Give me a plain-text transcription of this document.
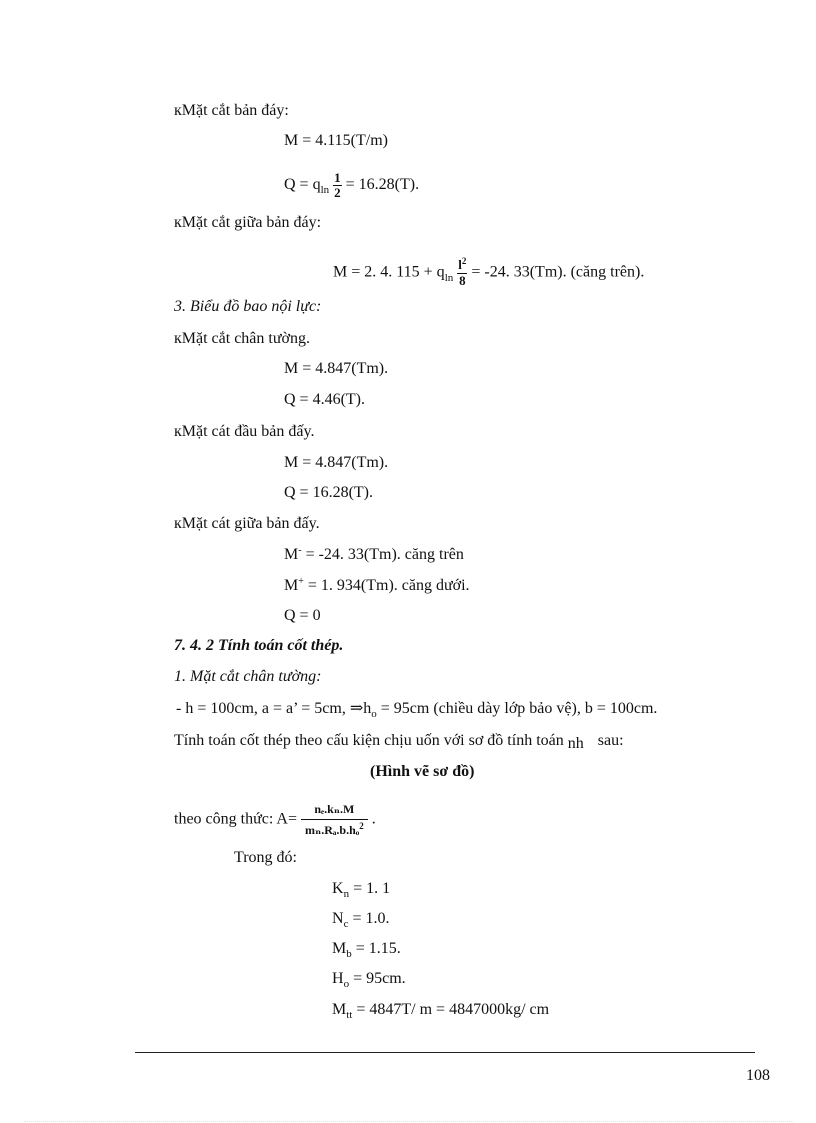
кMặt cắt bản đáy:
M = 4.115(T/m)
$Q = q_{ln} \frac{1}{2} = 16.28(T)$.
кMặt cắt giữa bản đáy:
M = 2. 4. $115 + q_{ln} \frac{l^2}{8} = -24$. 33(Tm). (căng trên).
3. Biểu đồ bao nội lực:
кMặt cắt chân tường.
M = 4.847(Tm).
Q = 4.46(T).
кMặt cát đầu bản đấy.
M = 4.847(Tm).
Q = 16.28(T).
кMặt cát giữa bản đấy.
M- = -24. 33(Tm). căng trên
M+ = 1. 934(Tm). căng dưới.
Q = 0
7. 4. 2 Tính toán cốt thép.
1. Mặt cắt chân tường:
- h = 100cm, a = a’ = 5cm, $\Rightarrow h_o = 95cm$ (chiều dày lớp bảo vệ), b = 100cm.
Tính toán cốt thép theo cấu kiện chịu uốn với sơ đồ tính toán nh sau:
(Hình vẽ sơ đồ)
theo công thức: $A= \frac{\text{nₑ.kₙ.M}}{m_n.R_a.b.h_o^2}$ .
Trong đó:
$K_n = 1$. 1
$N_c = 1.0$.
$M_b = 1.15$.
$H_o = 95cm$.
$M_{tt} = 4847T/$ m = 4847000kg/ cm
108
